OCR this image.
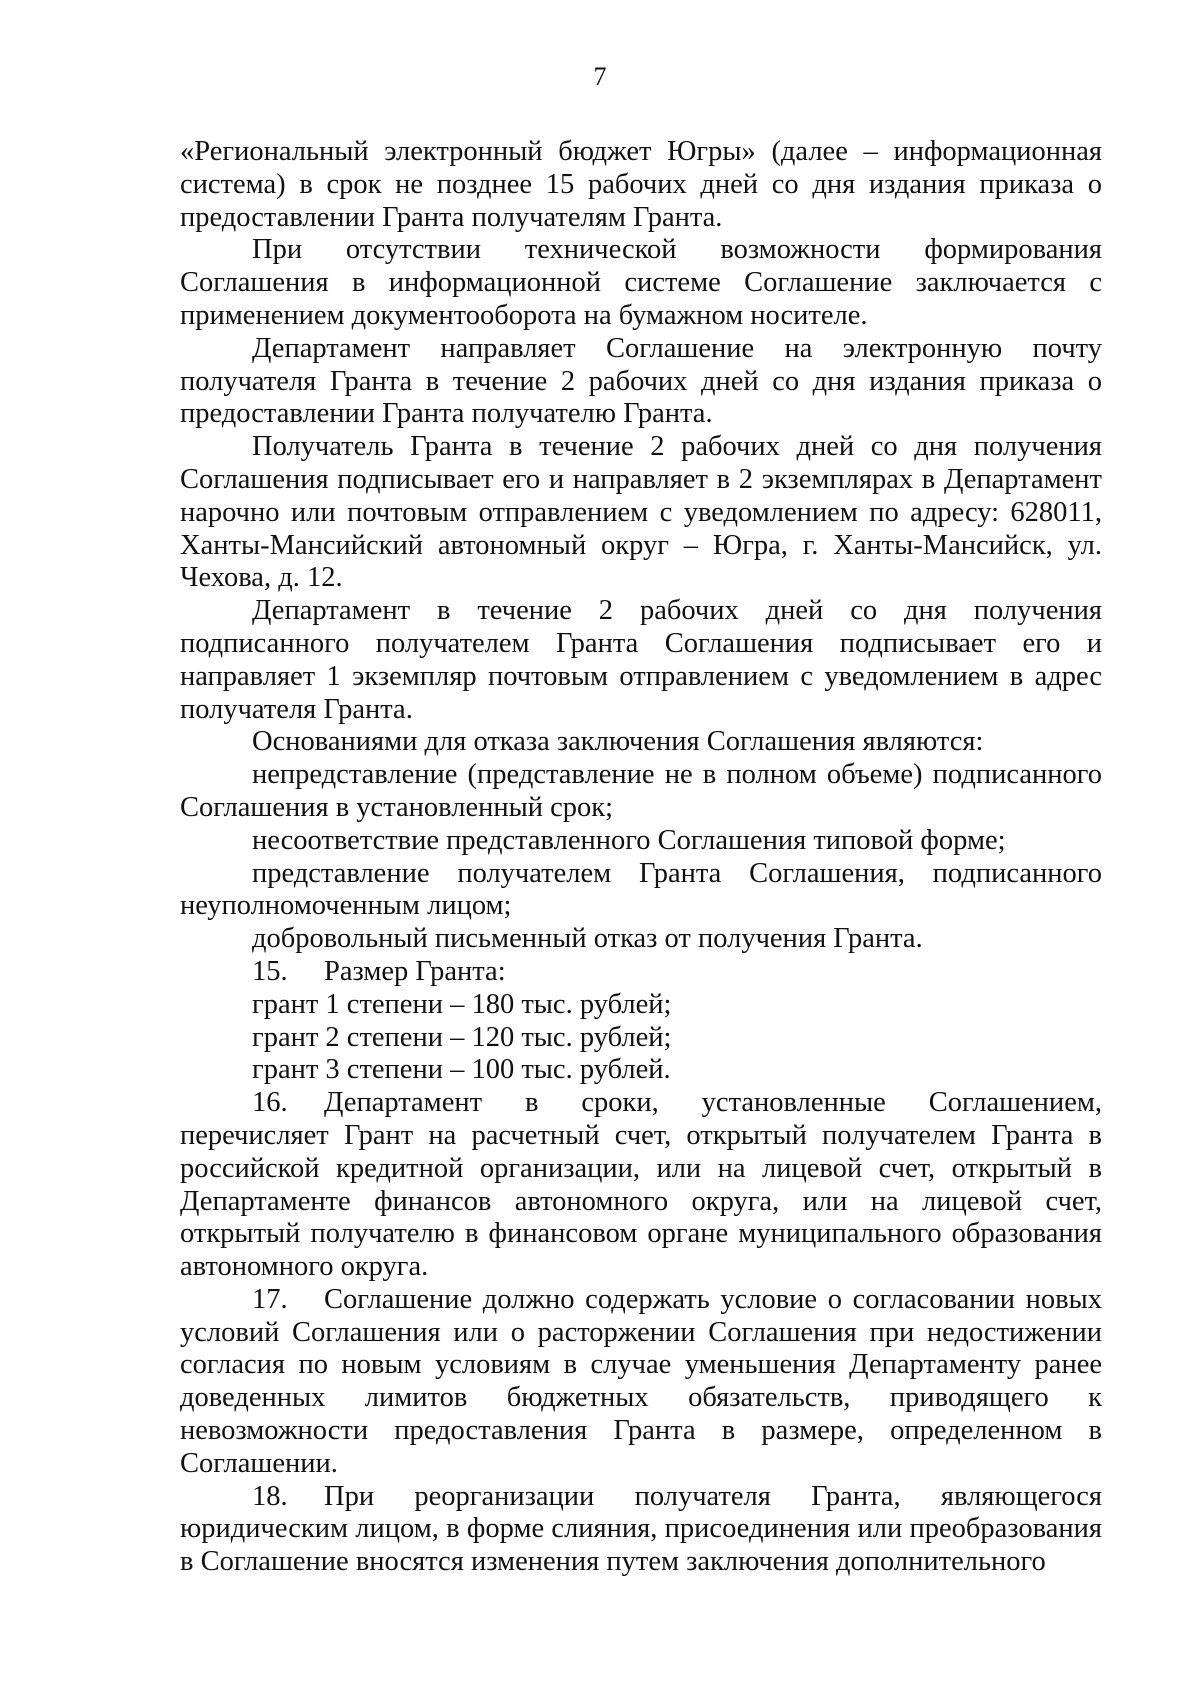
7

«Региональный электронный бюджет Югры» (далее – информационная система) в срок не позднее 15 рабочих дней со дня издания приказа о предоставлении Гранта получателям Гранта.

При отсутствии технической возможности формирования Соглашения в информационной системе Соглашение заключается с применением документооборота на бумажном носителе.

Департамент направляет Соглашение на электронную почту получателя Гранта в течение 2 рабочих дней со дня издания приказа о предоставлении Гранта получателю Гранта.

Получатель Гранта в течение 2 рабочих дней со дня получения Соглашения подписывает его и направляет в 2 экземплярах в Департамент нарочно или почтовым отправлением с уведомлением по адресу: 628011, Ханты-Мансийский автономный округ – Югра, г. Ханты-Мансийск, ул. Чехова, д. 12.

Департамент в течение 2 рабочих дней со дня получения подписанного получателем Гранта Соглашения подписывает его и направляет 1 экземпляр почтовым отправлением с уведомлением в адрес получателя Гранта.

Основаниями для отказа заключения Соглашения являются:

непредставление (представление не в полном объеме) подписанного Соглашения в установленный срок;

несоответствие представленного Соглашения типовой форме;

представление получателем Гранта Соглашения, подписанного неуполномоченным лицом;

добровольный письменный отказ от получения Гранта.

15. Размер Гранта:

грант 1 степени – 180 тыс. рублей;

грант 2 степени – 120 тыс. рублей;

грант 3 степени – 100 тыс. рублей.

16. Департамент в сроки, установленные Соглашением, перечисляет Грант на расчетный счет, открытый получателем Гранта в российской кредитной организации, или на лицевой счет, открытый в Департаменте финансов автономного округа, или на лицевой счет, открытый получателю в финансовом органе муниципального образования автономного округа.

17. Соглашение должно содержать условие о согласовании новых условий Соглашения или о расторжении Соглашения при недостижении согласия по новым условиям в случае уменьшения Департаменту ранее доведенных лимитов бюджетных обязательств, приводящего к невозможности предоставления Гранта в размере, определенном в Соглашении.

18. При реорганизации получателя Гранта, являющегося юридическим лицом, в форме слияния, присоединения или преобразования в Соглашение вносятся изменения путем заключения дополнительного
